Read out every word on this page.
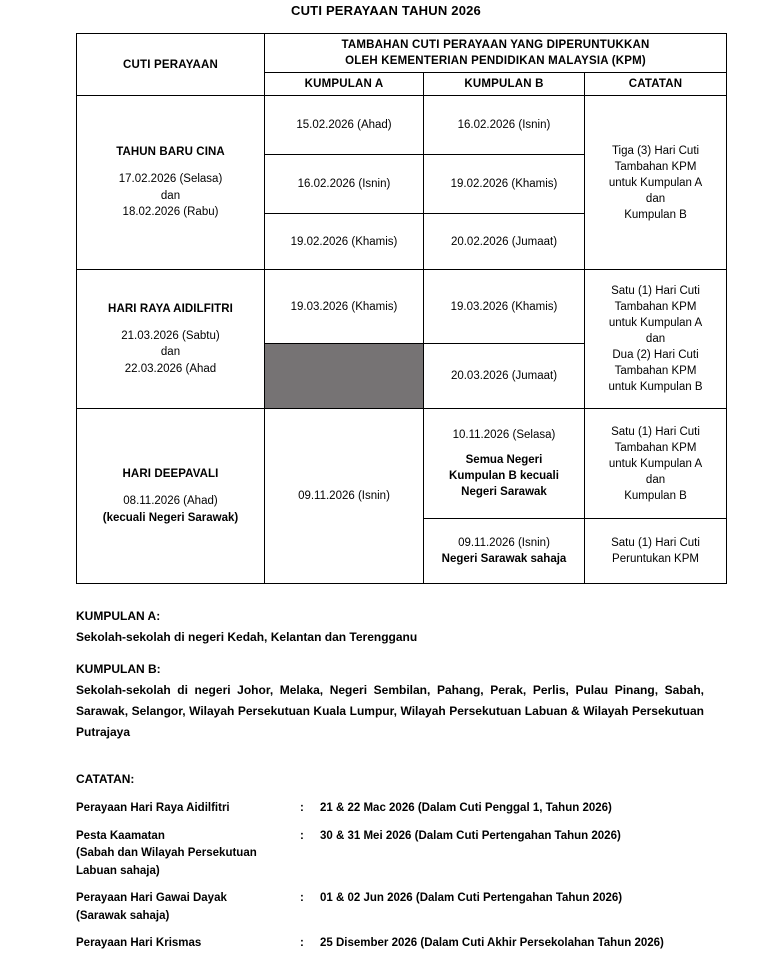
CUTI PERAYAAN TAHUN 2026
CUTI PERAYAAN	TAMBAHAN CUTI PERAYAAN YANG DIPERUNTUKKAN
OLEH KEMENTERIAN PENDIDIKAN MALAYSIA (KPM)		
	KUMPULAN A	KUMPULAN B	CATATAN

TAHUN BARU CINA
17.02.2026 (Selasa)
dan
18.02.2026 (Rabu)	15.02.2026 (Ahad)	16.02.2026 (Isnin)	Tiga (3) Hari Cuti
Tambahan KPM
untuk Kumpulan A
dan
Kumpulan B
	16.02.2026 (Isnin)	19.02.2026 (Khamis)	
	19.02.2026 (Khamis)	20.02.2026 (Jumaat)	

HARI RAYA AIDILFITRI
21.03.2026 (Sabtu)
dan
22.03.2026 (Ahad
	19.03.2026 (Khamis)	19.03.2026 (Khamis)	Satu (1) Hari Cuti
Tambahan KPM
untuk Kumpulan A
dan
Dua (2) Hari Cuti
Tambahan KPM
untuk Kumpulan B
		20.03.2026 (Jumaat)	

HARI DEEPAVALI
08.11.2026 (Ahad)
(kecuali Negeri Sarawak)	09.11.2026 (Isnin)	10.11.2026 (Selasa)
Semua Negeri
Kumpulan B kecuali
Negeri Sarawak	Satu (1) Hari Cuti
Tambahan KPM
untuk Kumpulan A
dan
Kumpulan B
		09.11.2026 (Isnin)
Negeri Sarawak sahaja	Satu (1) Hari Cuti
Peruntukan KPM
KUMPULAN A:
Sekolah-sekolah di negeri Kedah, Kelantan dan Terengganu
KUMPULAN B:
Sekolah-sekolah di negeri Johor, Melaka, Negeri Sembilan, Pahang, Perak, Perlis, Pulau Pinang, Sabah, Sarawak, Selangor, Wilayah Persekutuan Kuala Lumpur, Wilayah Persekutuan Labuan & Wilayah Persekutuan Putrajaya
CATATAN:
Perayaan Hari Raya Aidilfitri	:	21 & 22 Mac 2026 (Dalam Cuti Penggal 1, Tahun 2026)
Pesta Kaamatan
(Sabah dan Wilayah Persekutuan
Labuan sahaja)
:	30 & 31 Mei 2026 (Dalam Cuti Pertengahan Tahun 2026)
Perayaan Hari Gawai Dayak
(Sarawak sahaja)
:	01 & 02 Jun 2026 (Dalam Cuti Pertengahan Tahun 2026)
Perayaan Hari Krismas	:	25 Disember 2026 (Dalam Cuti Akhir Persekolahan Tahun 2026)
